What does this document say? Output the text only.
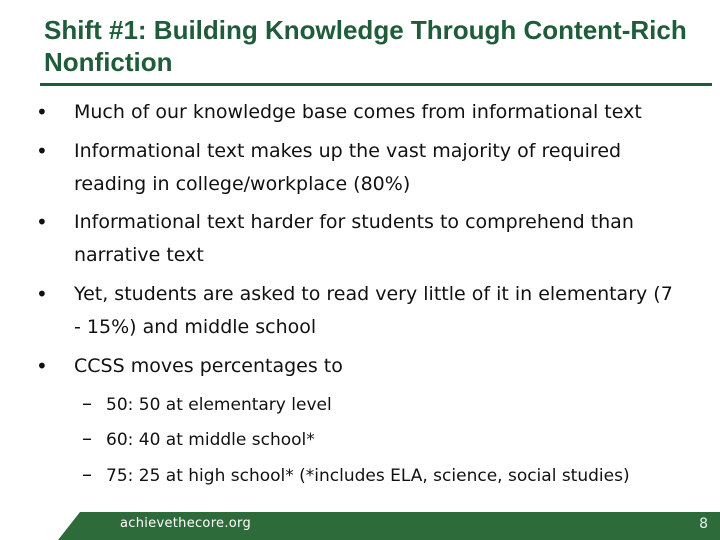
Shift #1: Building Knowledge Through Content-Rich Nonfiction
• Much of our knowledge base comes from informational text
• Informational text makes up the vast majority of required reading in college/workplace (80%)
• Informational text harder for students to comprehend than narrative text
• Yet, students are asked to read very little of it in elementary (7 - 15%) and middle school
• CCSS moves percentages to
– 50: 50 at elementary level
– 60: 40 at middle school*
– 75: 25 at high school* (*includes ELA, science, social studies)
achievethecore.org	8
